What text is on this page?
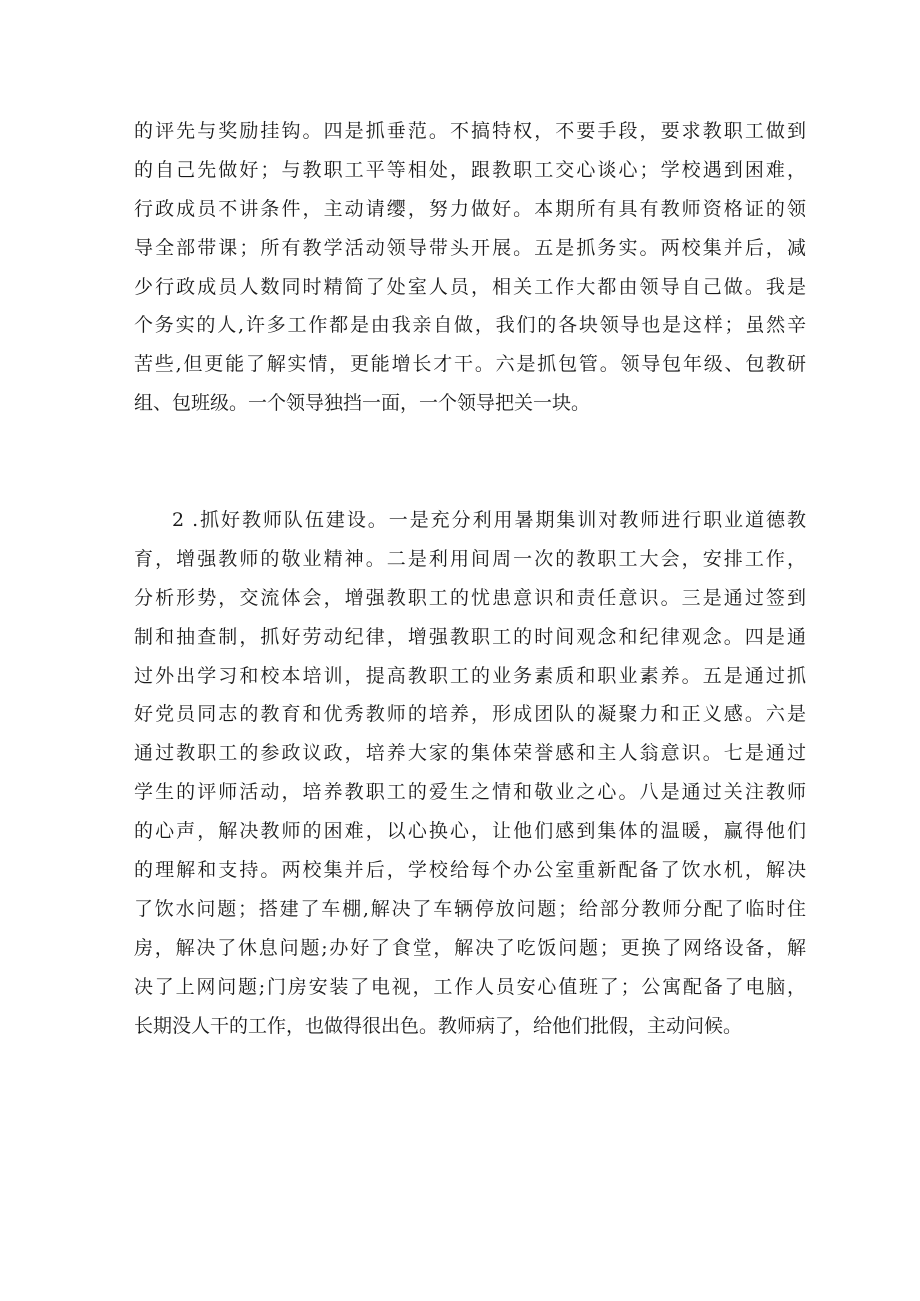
的评先与奖励挂钩。四是抓垂范。不搞特权，不要手段，要求教职工做到
的自己先做好；与教职工平等相处，跟教职工交心谈心；学校遇到困难，
行政成员不讲条件，主动请缨，努力做好。本期所有具有教师资格证的领
导全部带课；所有教学活动领导带头开展。五是抓务实。两校集并后，减
少行政成员人数同时精简了处室人员，相关工作大都由领导自己做。我是
个务实的人,许多工作都是由我亲自做，我们的各块领导也是这样；虽然辛
苦些,但更能了解实情，更能增长才干。六是抓包管。领导包年级、包教研
组、包班级。一个领导独挡一面，一个领导把关一块。
2 .抓好教师队伍建设。一是充分利用暑期集训对教师进行职业道德教
育，增强教师的敬业精神。二是利用间周一次的教职工大会，安排工作，
分析形势，交流体会，增强教职工的忧患意识和责任意识。三是通过签到
制和抽查制，抓好劳动纪律，增强教职工的时间观念和纪律观念。四是通
过外出学习和校本培训，提高教职工的业务素质和职业素养。五是通过抓
好党员同志的教育和优秀教师的培养，形成团队的凝聚力和正义感。六是
通过教职工的参政议政，培养大家的集体荣誉感和主人翁意识。七是通过
学生的评师活动，培养教职工的爱生之情和敬业之心。八是通过关注教师
的心声，解决教师的困难，以心换心，让他们感到集体的温暖，赢得他们
的理解和支持。两校集并后，学校给每个办公室重新配备了饮水机，解决
了饮水问题；搭建了车棚,解决了车辆停放问题；给部分教师分配了临时住
房，解决了休息问题;办好了食堂，解决了吃饭问题；更换了网络设备，解
决了上网问题;门房安装了电视，工作人员安心值班了；公寓配备了电脑，
长期没人干的工作，也做得很出色。教师病了，给他们批假，主动问候。
